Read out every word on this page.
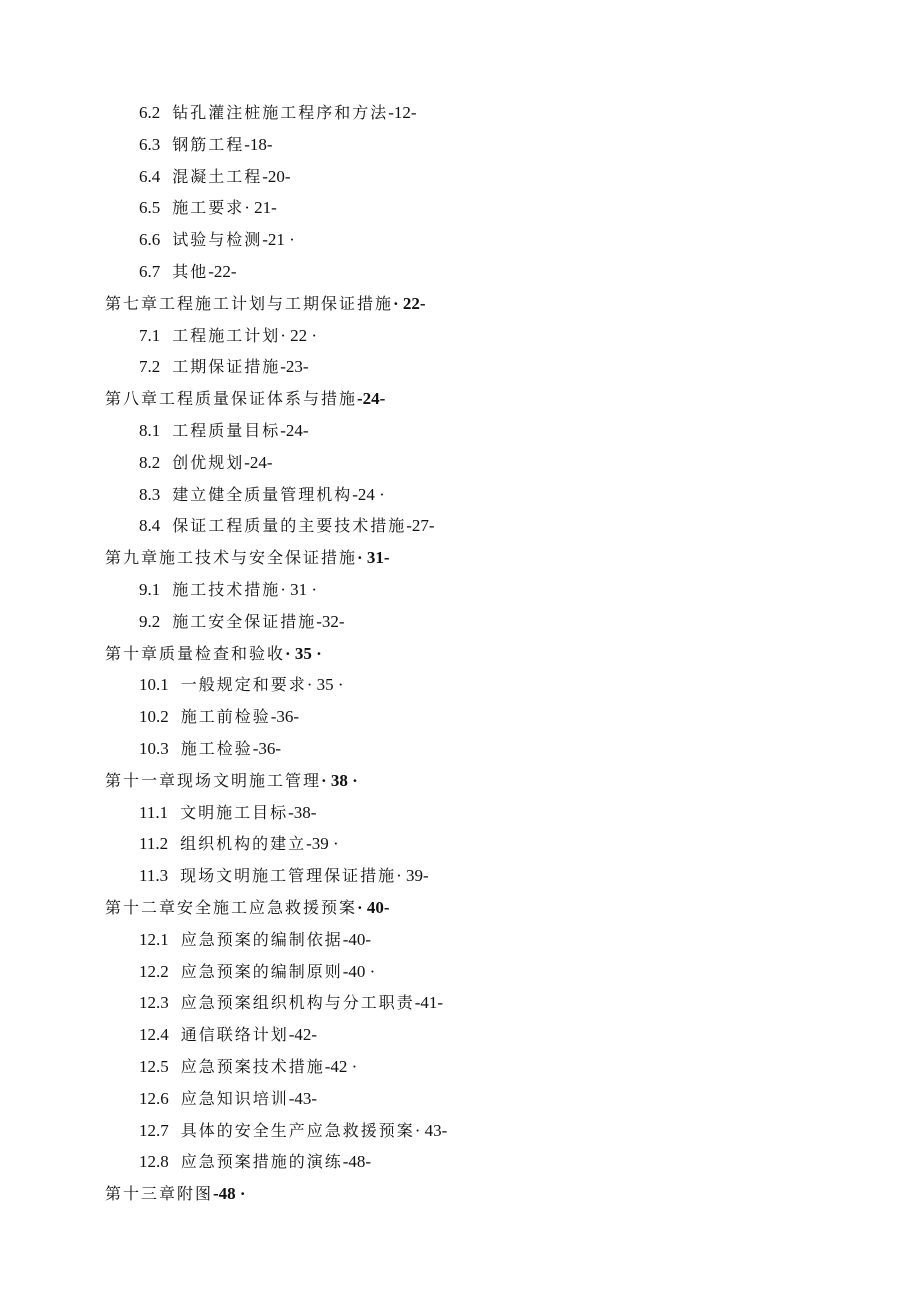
6.2 钻孔灌注桩施工程序和方法-12-
6.3 钢筋工程-18-
6.4 混凝土工程-20-
6.5 施工要求· 21-
6.6 试验与检测-21 ·
6.7 其他-22-
第七章工程施工计划与工期保证措施· 22-
7.1 工程施工计划· 22 ·
7.2 工期保证措施-23-
第八章工程质量保证体系与措施-24-
8.1 工程质量目标-24-
8.2 创优规划-24-
8.3 建立健全质量管理机构-24 ·
8.4 保证工程质量的主要技术措施-27-
第九章施工技术与安全保证措施· 31-
9.1 施工技术措施· 31 ·
9.2 施工安全保证措施-32-
第十章质量检查和验收· 35 ·
10.1 一般规定和要求· 35 ·
10.2 施工前检验-36-
10.3 施工检验-36-
第十一章现场文明施工管理· 38 ·
11.1 文明施工目标-38-
11.2 组织机构的建立-39 ·
11.3 现场文明施工管理保证措施· 39-
第十二章安全施工应急救援预案· 40-
12.1 应急预案的编制依据-40-
12.2 应急预案的编制原则-40 ·
12.3 应急预案组织机构与分工职责-41-
12.4 通信联络计划-42-
12.5 应急预案技术措施-42 ·
12.6 应急知识培训-43-
12.7 具体的安全生产应急救援预案· 43-
12.8 应急预案措施的演练-48-
第十三章附图-48 ·
